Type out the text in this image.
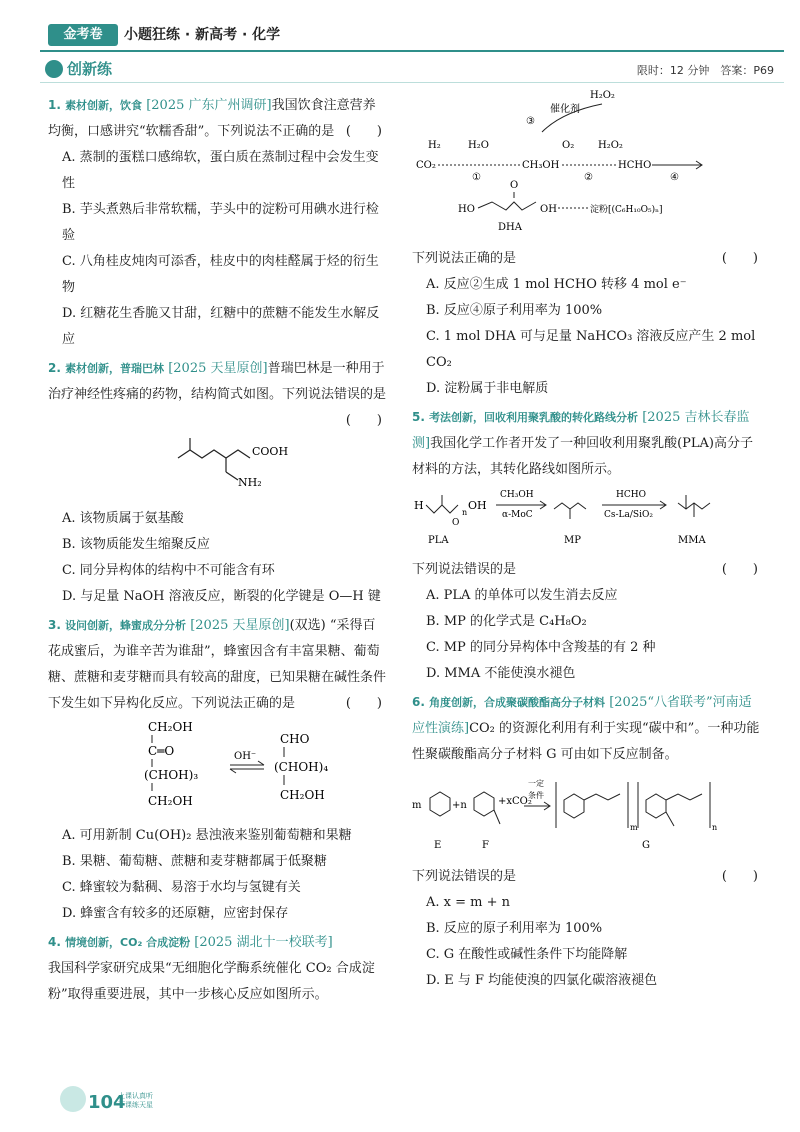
金考卷	小题狂练 · 新高考 · 化学
创新练	限时：12 分钟　答案：P69

1. 素材创新，饮食 [2025 广东广州调研]我国饮食注意营养均衡，口感讲究“软糯香甜”。下列说法不正确的是 (　　)

A. 蒸制的蛋糕口感绵软，蛋白质在蒸制过程中会发生变性

B. 芋头煮熟后非常软糯，芋头中的淀粉可用碘水进行检验

C. 八角桂皮炖肉可添香，桂皮中的肉桂醛属于烃的衍生物

D. 红糖花生香脆又甘甜，红糖中的蔗糖不能发生水解反应

2. 素材创新，普瑞巴林 [2025 天星原创]普瑞巴林是一种用于治疗神经性疼痛的药物，结构简式如图。下列说法错误的是
(　　)

COOH
NH₂

A. 该物质属于氨基酸

B. 该物质能发生缩聚反应

C. 同分异构体的结构中不可能含有环

D. 与足量 NaOH 溶液反应，断裂的化学键是 O—H 键

3. 设问创新，蜂蜜成分分析 [2025 天星原创](双选) “采得百花成蜜后，为谁辛苦为谁甜”，蜂蜜因含有丰富果糖、葡萄糖、蔗糖和麦芽糖而具有较高的甜度，已知果糖在碱性条件下发生如下异构化反应。下列说法正确的是	(　　)

CH₂OH
C═O
(CHOH)₃
CH₂OH
OH⁻
CHO
(CHOH)₄
CH₂OH

A. 可用新制 Cu(OH)₂ 悬浊液来鉴别葡萄糖和果糖

B. 果糖、葡萄糖、蔗糖和麦芽糖都属于低聚糖

C. 蜂蜜较为黏稠、易溶于水均与氢键有关

D. 蜂蜜含有较多的还原糖，应密封保存

4. 情境创新，CO₂ 合成淀粉 [2025 湖北十一校联考]

我国科学家研究成果“无细胞化学酶系统催化 CO₂ 合成淀粉”取得重要进展，其中一步核心反应如图所示。

H₂O₂
催化剂
③
H₂	H₂O
CO₂
①
CH₃OH
O₂ H₂O₂
②
HCHO
④
O
HO	OH	淀粉[(C₆H₁₀O₅)ₙ]
DHA

下列说法正确的是	(　　)

A. 反应②生成 1 mol HCHO 转移 4 mol e⁻

B. 反应④原子利用率为 100%

C. 1 mol DHA 可与足量 NaHCO₃ 溶液反应产生 2 mol CO₂

D. 淀粉属于非电解质

5. 考法创新，回收利用聚乳酸的转化路线分析 [2025 吉林长春监测]我国化学工作者开发了一种回收利用聚乳酸(PLA)高分子材料的方法，其转化路线如图所示。

H
n
OH
O
PLA
CH₃OH
α-MoC
MP
HCHO
Cs-La/SiO₂
MMA

下列说法错误的是	(　　)

A. PLA 的单体可以发生消去反应

B. MP 的化学式是 C₄H₈O₂

C. MP 的同分异构体中含羧基的有 2 种

D. MMA 不能使溴水褪色

6. 角度创新，合成聚碳酸酯高分子材料 [2025“八省联考”河南适应性演练]CO₂ 的资源化利用有利于实现“碳中和”。一种功能性聚碳酸酯高分子材料 G 可由如下反应制备。

m	+n	+xCO₂
一定
条件
m	n
E	F	G

下列说法错误的是	(　　)

A. x = m + n

B. 反应的原子利用率为 100%

C. G 在酸性或碱性条件下均能降解

D. E 与 F 均能使溴的四氯化碳溶液褪色

104
上课认真听 下课练天星
